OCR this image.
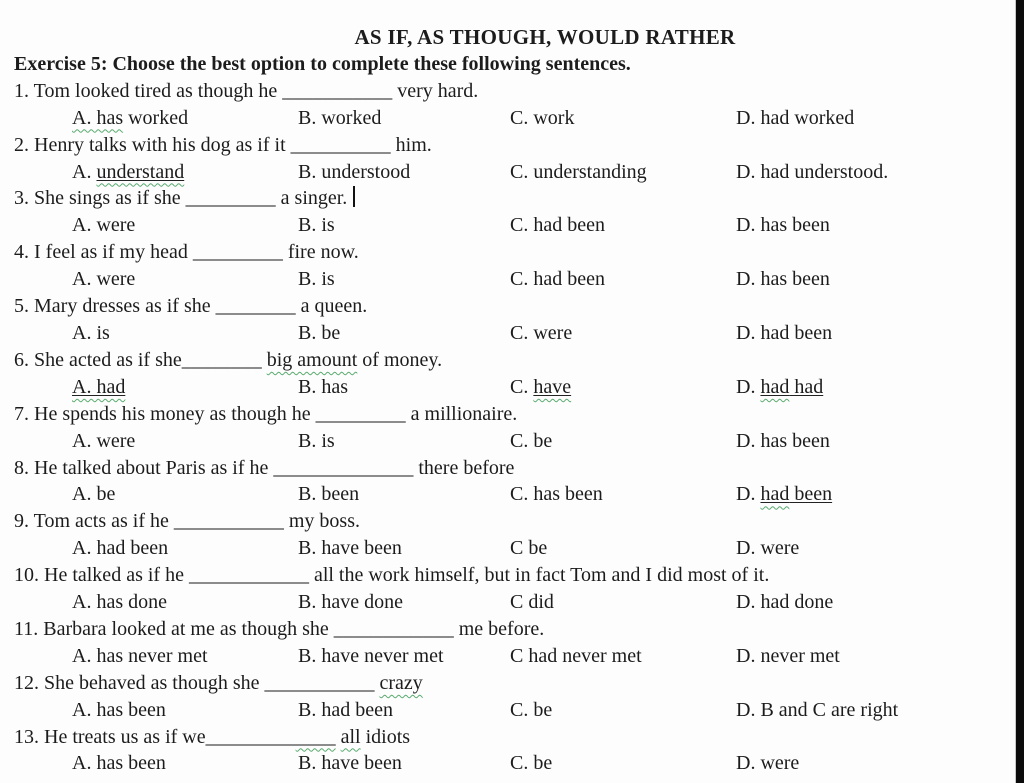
AS IF, AS THOUGH, WOULD RATHER
Exercise 5: Choose the best option to complete these following sentences.
1. Tom looked tired as though he ___________ very hard.
A. has worked	B. worked	C. work	D. had worked
2. Henry talks with his dog as if it __________ him.
A. understand	B. understood	C. understanding	D. had understood.
3. She sings as if she _________ a singer.
A. were	B. is	C. had been	D. has been
4. I feel as if my head _________ fire now.
A. were	B. is	C. had been	D. has been
5. Mary dresses as if she ________ a queen.
A. is	B. be	C. were	D. had been
6. She acted as if she________ big amount of money.
A. had	B. has	C. have	D. had had
7. He spends his money as though he _________ a millionaire.
A. were	B. is	C. be	D. has been
8. He talked about Paris as if he ______________ there before
A. be	B. been	C. has been	D. had been
9. Tom acts as if he ___________ my boss.
A. had been	B. have been	C be	D. were
10. He talked as if he ____________ all the work himself, but in fact Tom and I did most of it.
A. has done	B. have done	C did	D. had done
11. Barbara looked at me as though she ____________ me before.
A. has never met	B. have never met	C had never met	D. never met
12. She behaved as though she ___________ crazy
A. has been	B. had been	C. be	D. B and C are right
13. He treats us as if we_____________ all idiots
A. has been	B. have been	C. be	D. were
